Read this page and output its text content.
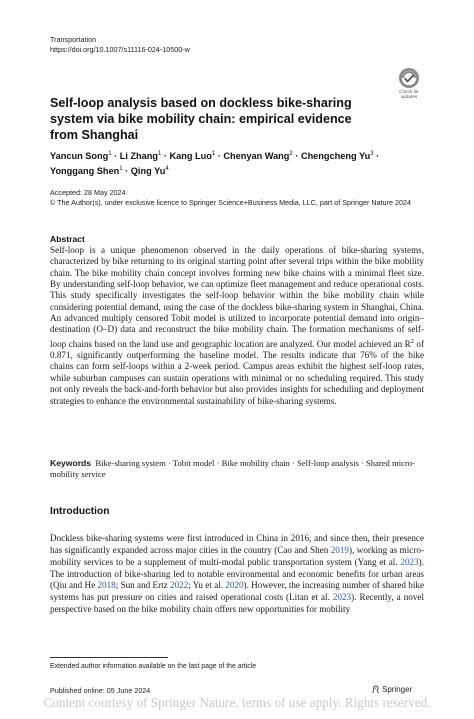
Transportation
https://doi.org/10.1007/s11116-024-10500-w
Check for
updates
Self-loop analysis based on dockless bike-sharing system via bike mobility chain: empirical evidence from Shanghai
Yancun Song$^1$ · Li Zhang$^1$ · Kang Luo$^1$ · Chenyan Wang$^2$ · Chengcheng $Yu^3$ · Yonggang Shen$^1$ · Qing Yu$^4$
Accepted: 28 May 2024
© The Author(s), under exclusive licence to Springer Science+Business Media, LLC, part of Springer Nature 2024
Abstract
Self-loop is a unique phenomenon observed in the daily operations of bike-sharing systems, characterized by bike returning to its original starting point after several trips within the bike mobility chain. The bike mobility chain concept involves forming new bike chains with a minimal fleet size. By understanding self-loop behavior, we can optimize fleet management and reduce operational costs. This study specifically investigates the self-loop behavior within the bike mobility chain while considering potential demand, using the case of the dockless bike-sharing system in Shanghai, China. An advanced multiply censored Tobit model is utilized to incorporate potential demand into origin–destination (O–D) data and reconstruct the bike mobility chain. The formation mechanisms of self-loop chains based on the land use and geographic location are analyzed. Our model achieved an $R^2$ of 0.871, significantly outperforming the baseline model. The results indicate that 76% of the bike chains can form self-loops within a 2-week period. Campus areas exhibit the highest self-loop rates, while suburban campuses can sustain operations with minimal or no scheduling required. This study not only reveals the back-and-forth behavior but also provides insights for scheduling and deployment strategies to enhance the environmental sustainability of bike-sharing systems.
Keywords Bike-sharing system · Tobit model · Bike mobility chain · Self-loop analysis · Shared micro-mobility service
Introduction
Dockless bike-sharing systems were first introduced in China in 2016, and since then, their presence has significantly expanded across major cities in the country (Cao and Shen 2019), working as micro-mobility services to be a supplement of multi-modal public transportation system (Yang et al. 2023). The introduction of bike-sharing led to notable environmental and economic benefits for urban areas (Qiu and He 2018; Sun and Ertz 2022; Yu et al. 2020). However, the increasing number of shared bike systems has put pressure on cities and raised operational costs (Litan et al. 2023). Recently, a novel perspective based on the bike mobility chain offers new opportunities for mobility
Extended author information available on the last page of the article
Published online: 05 June 2024	Springer
Content courtesy of Springer Nature, terms of use apply. Rights reserved.
